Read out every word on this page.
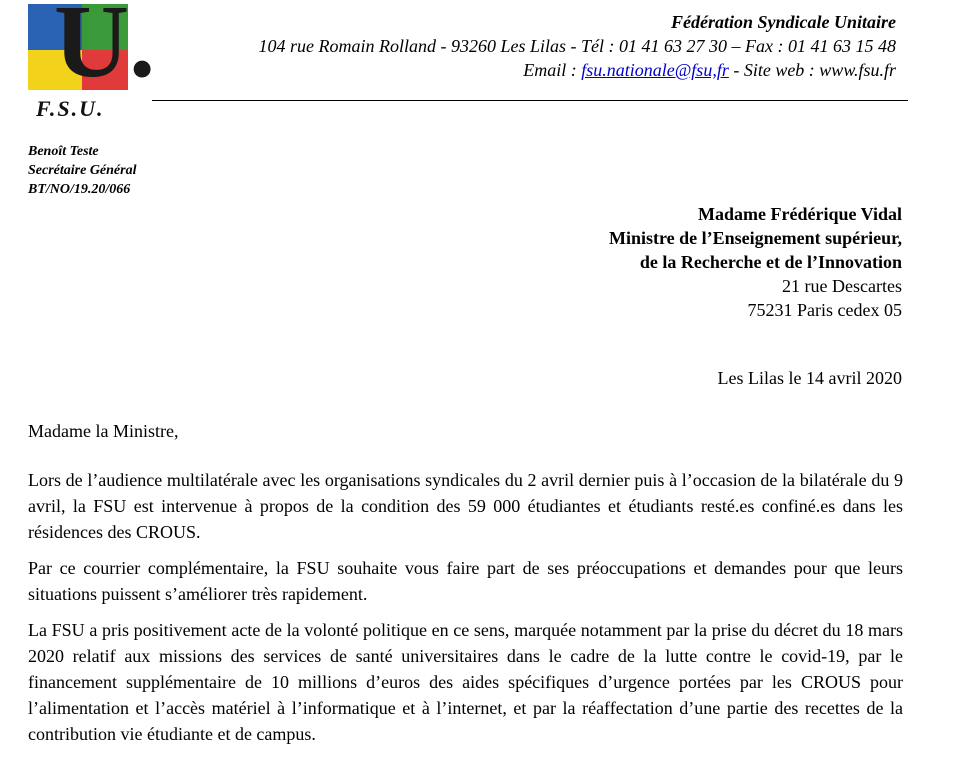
U.
F.S.U.
Fédération Syndicale Unitaire
104 rue Romain Rolland - 93260 Les Lilas - Tél : 01 41 63 27 30 – Fax : 01 41 63 15 48
Email : fsu.nationale@fsu,fr - Site web : www.fsu.fr
Benoît Teste
Secrétaire Général
BT/NO/19.20/066
Madame Frédérique Vidal
Ministre de l’Enseignement supérieur,
de la Recherche et de l’Innovation
21 rue Descartes
75231 Paris cedex 05
Les Lilas le 14 avril 2020
Madame la Ministre,

Lors de l’audience multilatérale avec les organisations syndicales du 2 avril dernier puis à l’occasion de la bilatérale du 9 avril, la FSU est intervenue à propos de la condition des 59 000 étudiantes et étudiants resté.es confiné.es dans les résidences des CROUS.

Par ce courrier complémentaire, la FSU souhaite vous faire part de ses préoccupations et demandes pour que leurs situations puissent s’améliorer très rapidement.

La FSU a pris positivement acte de la volonté politique en ce sens, marquée notamment par la prise du décret du 18 mars 2020 relatif aux missions des services de santé universitaires dans le cadre de la lutte contre le covid-19, par le financement supplémentaire de 10 millions d’euros des aides spécifiques d’urgence portées par les CROUS pour l’alimentation et l’accès matériel à l’informatique et à l’internet, et par la réaffectation d’une partie des recettes de la contribution vie étudiante et de campus.
